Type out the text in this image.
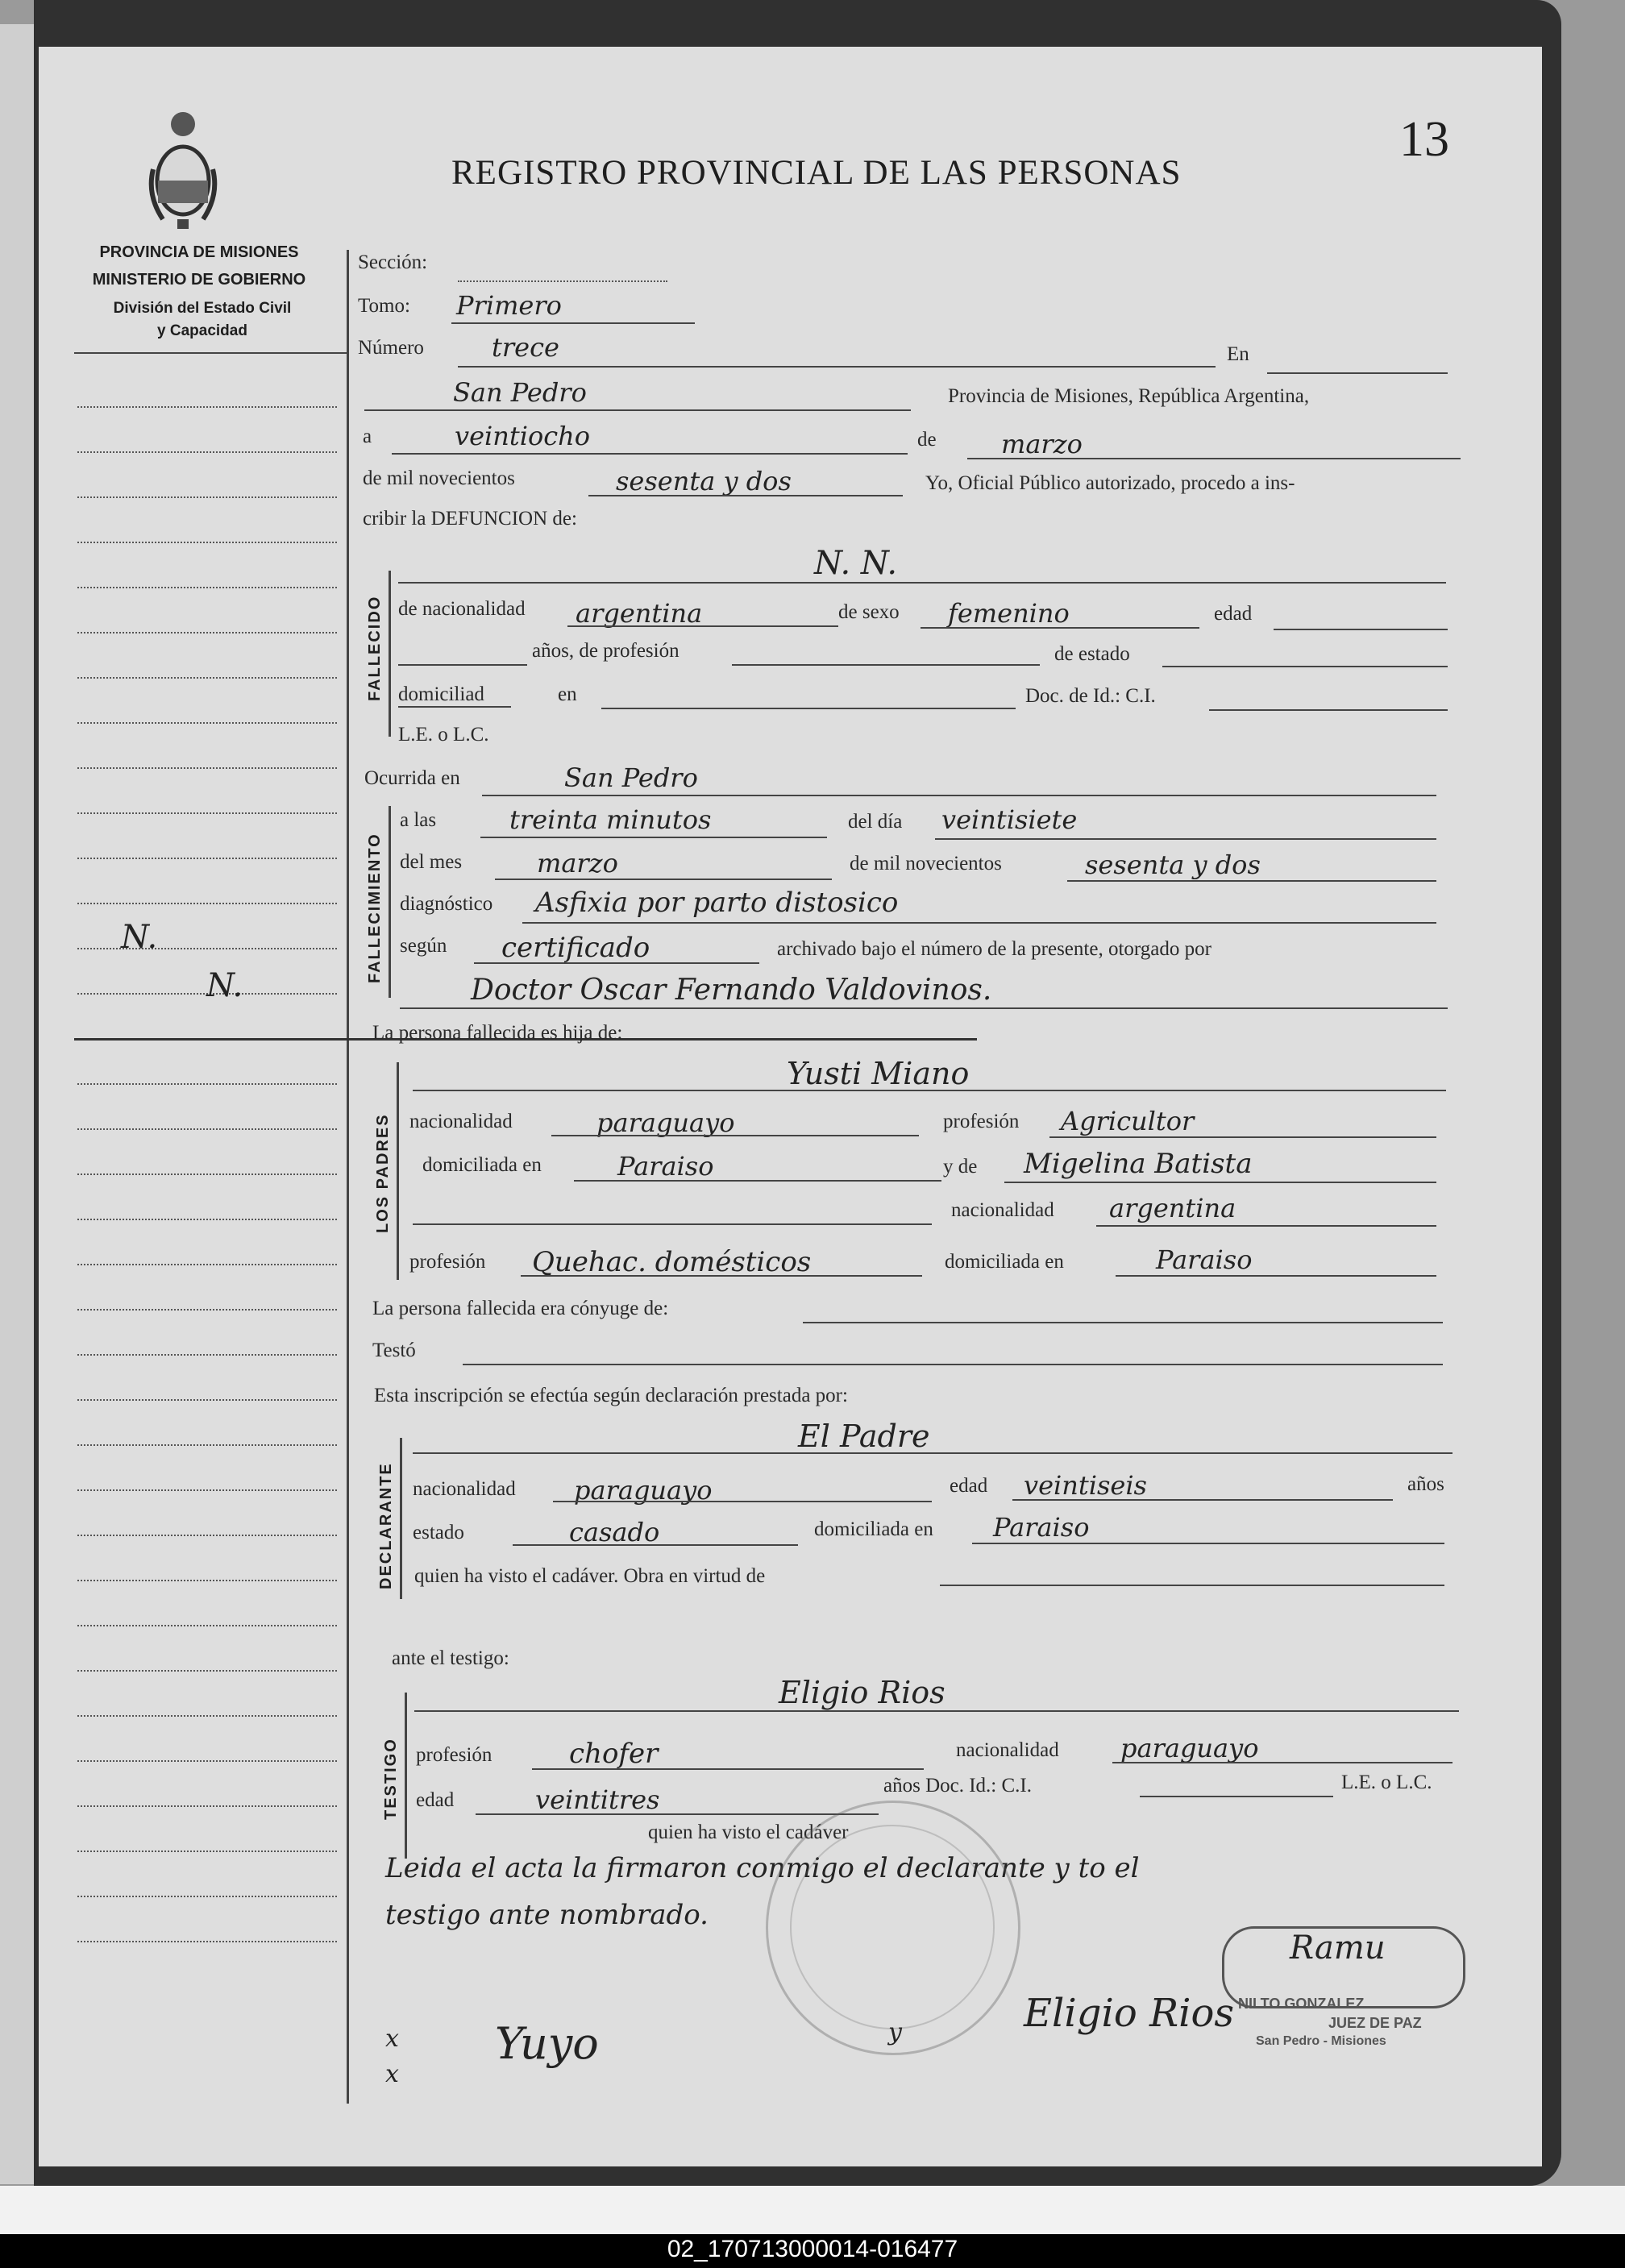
02_170713000014-016477
13
REGISTRO PROVINCIAL DE LAS PERSONAS
PROVINCIA DE MISIONES
MINISTERIO DE GOBIERNO
División del Estado Civil
y Capacidad
N.
N.
Sección:
Tomo: Primero
Número	trece	En
San Pedro	Provincia de Misiones, República Argentina,
a	veintiocho	de	marzo
de mil novecientos	sesenta y dos	Yo, Oficial Público autorizado, procedo a ins-
cribir la DEFUNCION de:
FALLECIDO
N. N.
de nacionalidad argentina	de sexo femenino	edad
años, de profesión	de estado
domiciliad	en	Doc. de Id.: C.I.
L.E. o L.C.
Ocurrida en	San Pedro
FALLECIMIENTO
a las	treinta minutos	del día veintisiete
del mes	marzo	de mil novecientos	sesenta y dos
diagnóstico Asfixia por parto distosico
según certificado	archivado bajo el número de la presente, otorgado por
Doctor Oscar Fernando Valdovinos.
La persona fallecida es hija de:
LOS PADRES
Yusti Miano
nacionalidad	paraguayo	profesión Agricultor
domiciliada en	Paraiso	y de Migelina Batista
nacionalidad argentina
profesión Quehac. domésticos	domiciliada en	Paraiso
La persona fallecida era cónyuge de:
Testó
Esta inscripción se efectúa según declaración prestada por:
DECLARANTE
El Padre
nacionalidad paraguayo	edad veintiseis	años
estado	casado	domiciliada en Paraiso
quien ha visto el cadáver. Obra en virtud de
ante el testigo:
TESTIGO
Eligio Rios
profesión	chofer	nacionalidad paraguayo
edad	veintitres	años Doc. Id.: C.I.	L.E. o L.C.
quien ha visto el cadáver
Leida el acta la firmaron conmigo el declarante y to el
testigo ante nombrado.
Ramu
NILTO GONZALEZ
JUEZ DE PAZ
San Pedro - Misiones
x
x
Yuyo	y	Eligio Rios
